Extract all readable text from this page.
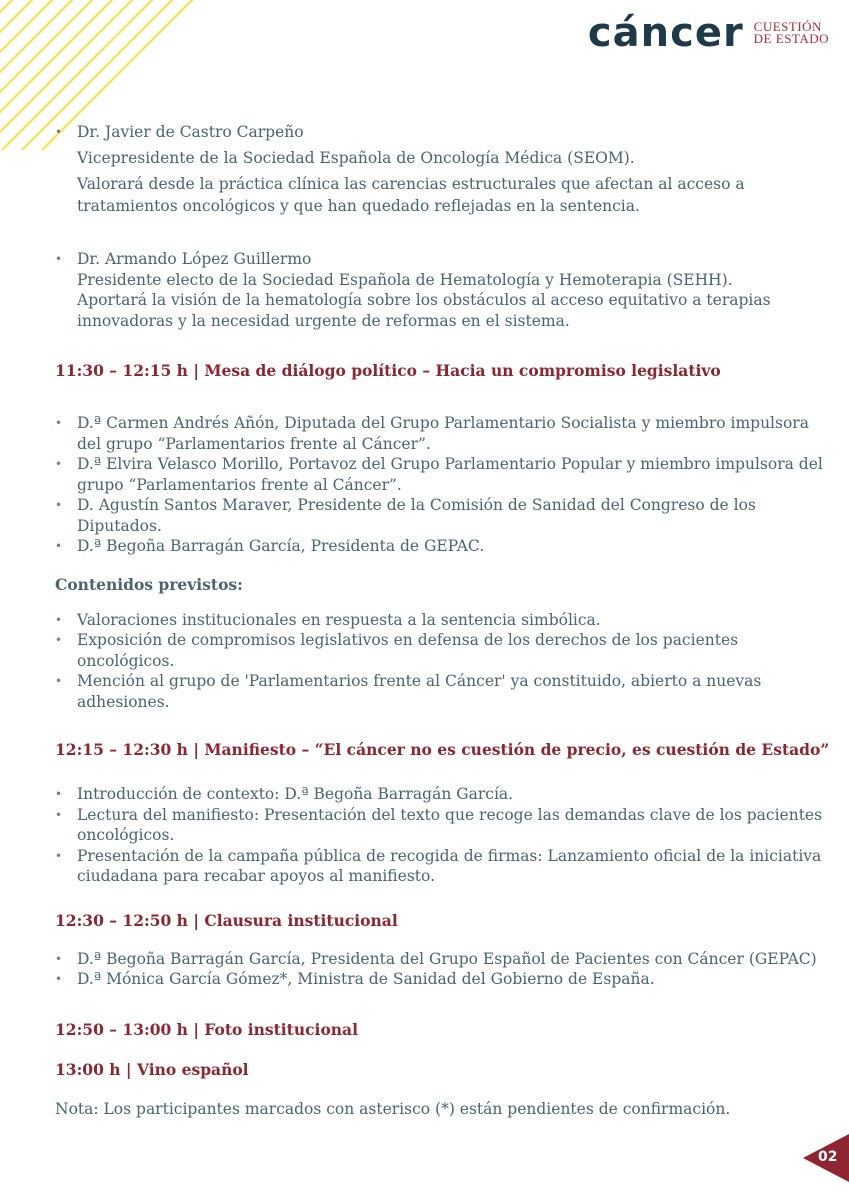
cáncer CUESTIÓN
DE ESTADO
• Dr. Javier de Castro Carpeño
Vicepresidente de la Sociedad Española de Oncología Médica (SEOM).
Valorará desde la práctica clínica las carencias estructurales que afectan al acceso a tratamientos oncológicos y que han quedado reflejadas en la sentencia.
• Dr. Armando López Guillermo
Presidente electo de la Sociedad Española de Hematología y Hemoterapia (SEHH).
Aportará la visión de la hematología sobre los obstáculos al acceso equitativo a terapias innovadoras y la necesidad urgente de reformas en el sistema.
11:30 – 12:15 h | Mesa de diálogo político – Hacia un compromiso legislativo
• D.ª Carmen Andrés Añón, Diputada del Grupo Parlamentario Socialista y miembro impulsora del grupo “Parlamentarios frente al Cáncer”.
• D.ª Elvira Velasco Morillo, Portavoz del Grupo Parlamentario Popular y miembro impulsora del grupo “Parlamentarios frente al Cáncer”.
• D. Agustín Santos Maraver, Presidente de la Comisión de Sanidad del Congreso de los Diputados.
• D.ª Begoña Barragán García, Presidenta de GEPAC.
Contenidos previstos:
• Valoraciones institucionales en respuesta a la sentencia simbólica.
• Exposición de compromisos legislativos en defensa de los derechos de los pacientes oncológicos.
• Mención al grupo de 'Parlamentarios frente al Cáncer' ya constituido, abierto a nuevas adhesiones.
12:15 – 12:30 h | Manifiesto – “El cáncer no es cuestión de precio, es cuestión de Estado”
• Introducción de contexto: D.ª Begoña Barragán García.
• Lectura del manifiesto: Presentación del texto que recoge las demandas clave de los pacientes oncológicos.
• Presentación de la campaña pública de recogida de firmas: Lanzamiento oficial de la iniciativa ciudadana para recabar apoyos al manifiesto.
12:30 – 12:50 h | Clausura institucional
• D.ª Begoña Barragán García, Presidenta del Grupo Español de Pacientes con Cáncer (GEPAC)
• D.ª Mónica García Gómez*, Ministra de Sanidad del Gobierno de España.
12:50 – 13:00 h | Foto institucional
13:00 h | Vino español
Nota: Los participantes marcados con asterisco (*) están pendientes de confirmación.
02
